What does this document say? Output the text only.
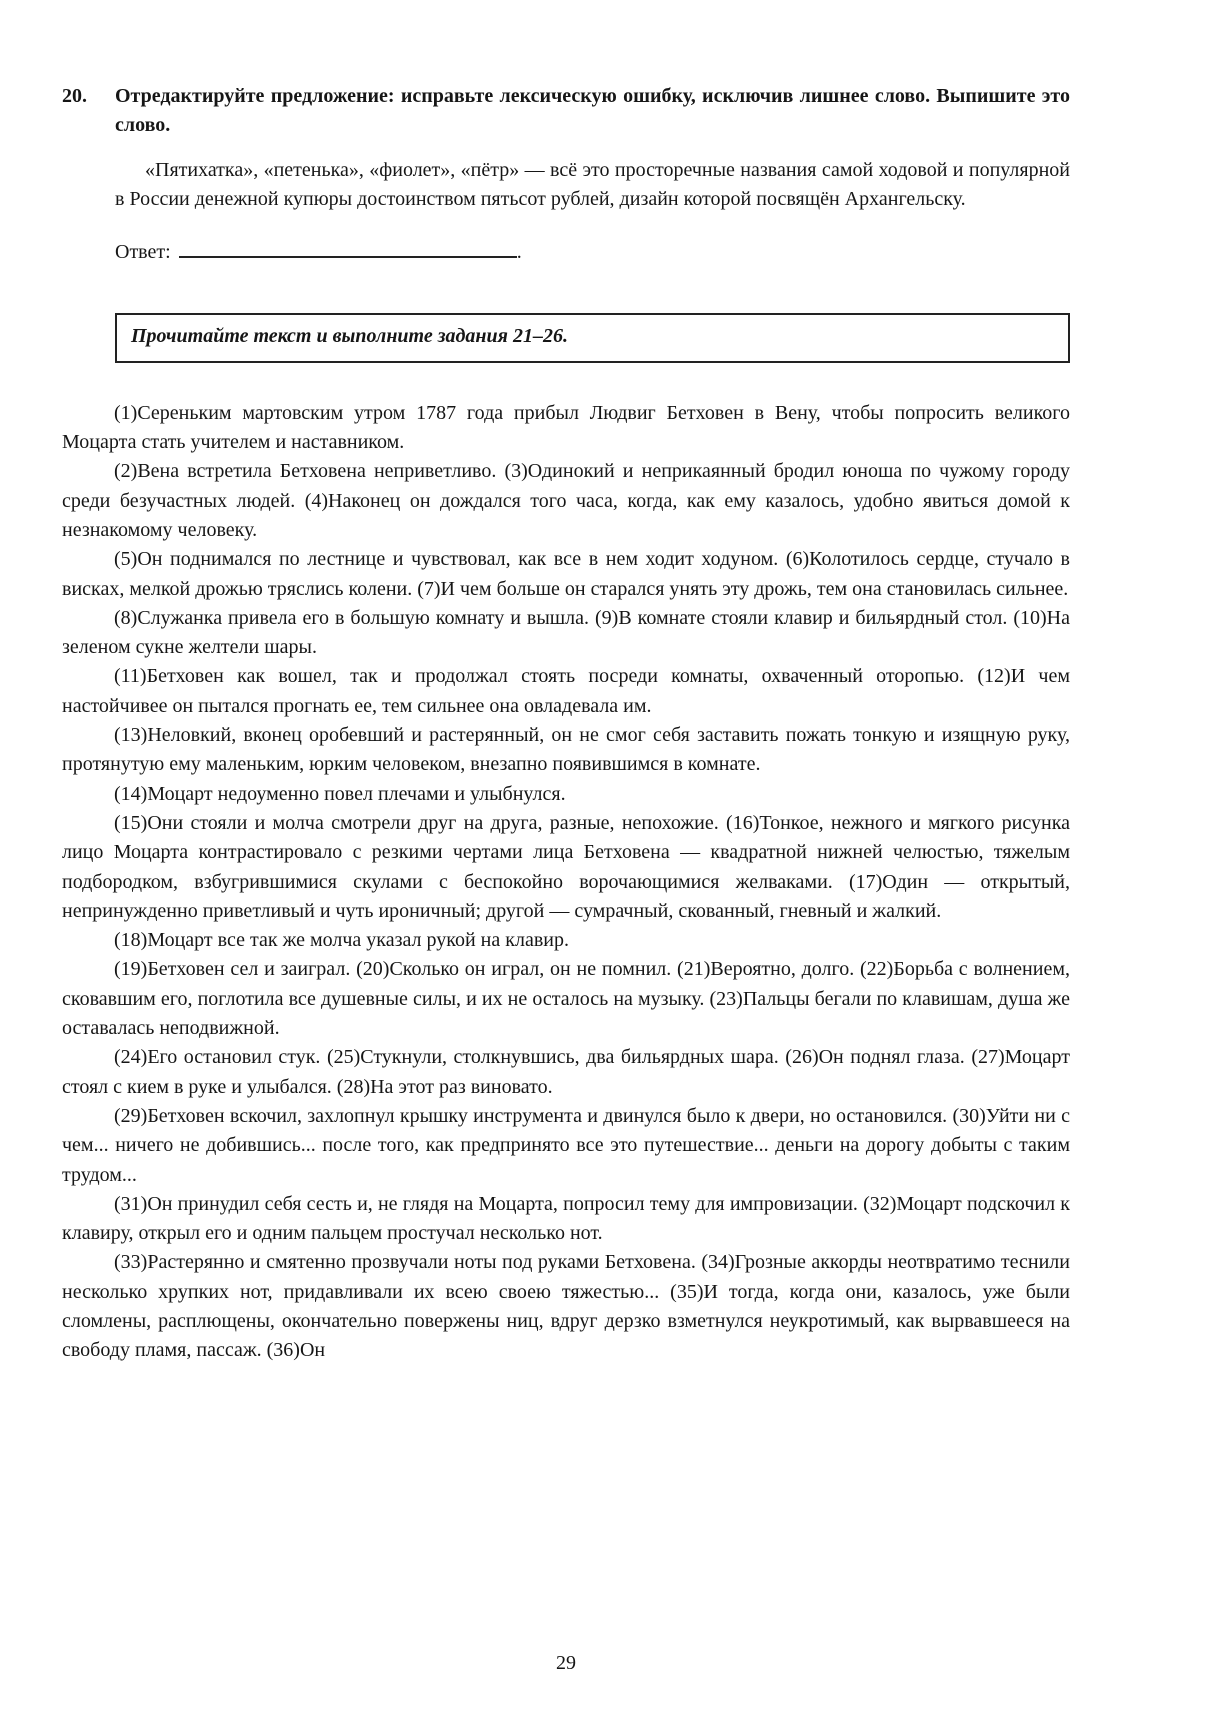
20.	Отредактируйте предложение: исправьте лексическую ошибку, исключив лишнее слово. Выпишите это слово.

«Пятихатка», «петенька», «фиолет», «пётр» — всё это просторечные названия самой ходовой и популярной в России денежной купюры достоинством пятьсот рублей, дизайн которой посвящён Архангельску.

Ответ:	.

Прочитайте текст и выполните задания 21–26.

(1)Сереньким мартовским утром 1787 года прибыл Людвиг Бетховен в Вену, чтобы попросить великого Моцарта стать учителем и наставником.

(2)Вена встретила Бетховена неприветливо. (3)Одинокий и неприкаянный бродил юноша по чужому городу среди безучастных людей. (4)Наконец он дождался того часа, когда, как ему казалось, удобно явиться домой к незнакомому человеку.

(5)Он поднимался по лестнице и чувствовал, как все в нем ходит ходуном. (6)Колотилось сердце, стучало в висках, мелкой дрожью тряслись колени. (7)И чем больше он старался унять эту дрожь, тем она становилась сильнее.

(8)Служанка привела его в большую комнату и вышла. (9)В комнате стояли клавир и бильярдный стол. (10)На зеленом сукне желтели шары.

(11)Бетховен как вошел, так и продолжал стоять посреди комнаты, охваченный оторопью. (12)И чем настойчивее он пытался прогнать ее, тем сильнее она овладевала им.

(13)Неловкий, вконец оробевший и растерянный, он не смог себя заставить пожать тонкую и изящную руку, протянутую ему маленьким, юрким человеком, внезапно появившимся в комнате.

(14)Моцарт недоуменно повел плечами и улыбнулся.

(15)Они стояли и молча смотрели друг на друга, разные, непохожие. (16)Тонкое, нежного и мягкого рисунка лицо Моцарта контрастировало с резкими чертами лица Бетховена — квадратной нижней челюстью, тяжелым подбородком, взбугрившимися скулами с беспокойно ворочающимися желваками. (17)Один — открытый, непринужденно приветливый и чуть ироничный; другой — сумрачный, скованный, гневный и жалкий.

(18)Моцарт все так же молча указал рукой на клавир.

(19)Бетховен сел и заиграл. (20)Сколько он играл, он не помнил. (21)Вероятно, долго. (22)Борьба с волнением, сковавшим его, поглотила все душевные силы, и их не осталось на музыку. (23)Пальцы бегали по клавишам, душа же оставалась неподвижной.

(24)Его остановил стук. (25)Стукнули, столкнувшись, два бильярдных шара. (26)Он поднял глаза. (27)Моцарт стоял с кием в руке и улыбался. (28)На этот раз виновато.

(29)Бетховен вскочил, захлопнул крышку инструмента и двинулся было к двери, но остановился. (30)Уйти ни с чем... ничего не добившись... после того, как предпринято все это путешествие... деньги на дорогу добыты с таким трудом...

(31)Он принудил себя сесть и, не глядя на Моцарта, попросил тему для импровизации. (32)Моцарт подскочил к клавиру, открыл его и одним пальцем простучал несколько нот.

(33)Растерянно и смятенно прозвучали ноты под руками Бетховена. (34)Грозные аккорды неотвратимо теснили несколько хрупких нот, придавливали их всею своею тяжестью... (35)И тогда, когда они, казалось, уже были сломлены, расплющены, окончательно повержены ниц, вдруг дерзко взметнулся неукротимый, как вырвавшееся на свободу пламя, пассаж. (36)Он

29
